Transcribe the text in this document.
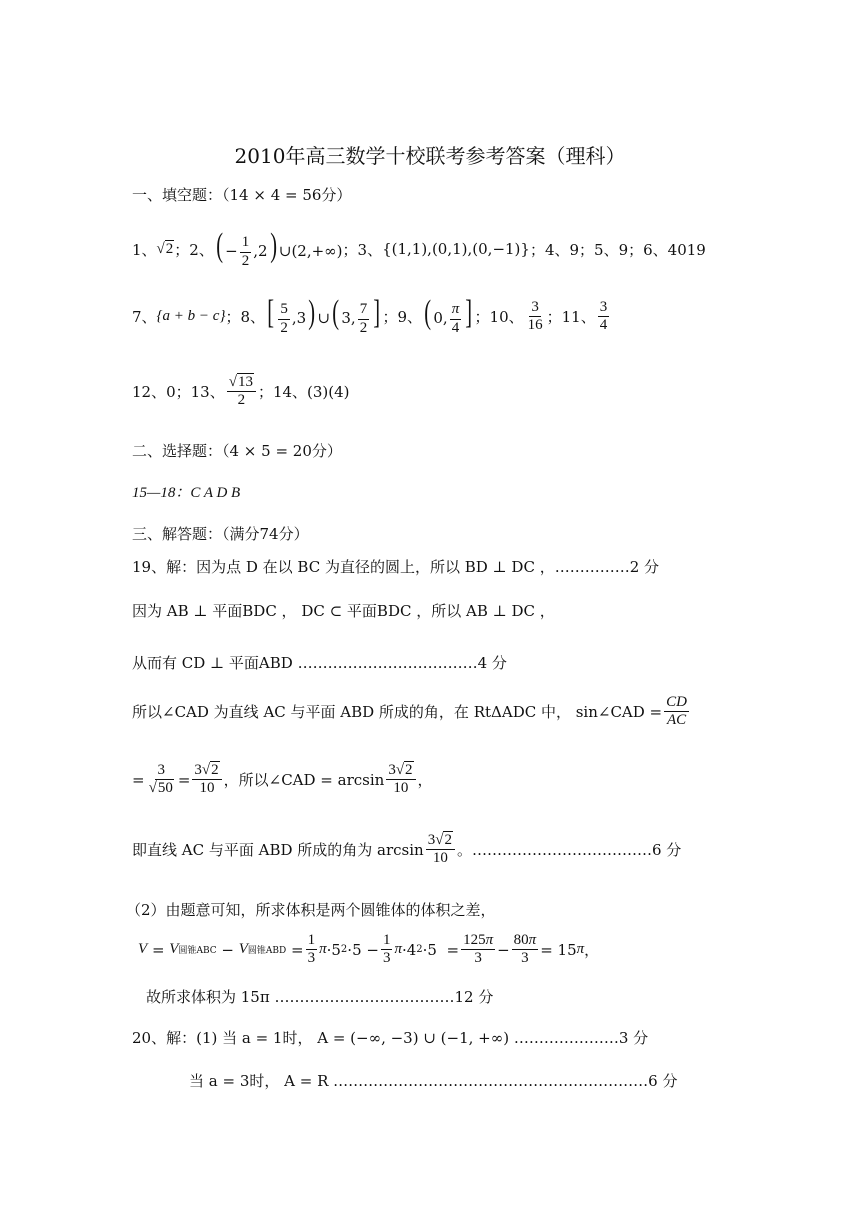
2010年高三数学十校联考参考答案（理科）
一、填空题：（14 × 4 = 56分）
1、 √2 ；2、 ( − $\frac{1}{2} ,2$) ∪(2,+∞) ；3、 {(1,1),(0,1),(0,−1)} ；4、9；5、9；6、4019
7、 {a + b − c} ；8、 [ $\frac{5}{2} ,3$) ∪( 3, $\frac{7}{2}$ ] ；9、 ( 0, $\frac{\pi}{4}$ ] ；10、 $\frac{3}{16}$ ；11、 $\frac{3}{4}$
12、0；13、 $\frac{√13}{2}$ ；14、(3)(4)
二、选择题：（4 × 5 = 20分）
15—18：C A D B
三、解答题：（满分74分）
19、解：因为点 D 在以 BC 为直径的圆上，所以 BD ⊥ DC ，……………2 分
因为 AB ⊥ 平面BDC ， DC ⊂ 平面BDC ，所以 AB ⊥ DC ，
从而有 CD ⊥ 平面ABD ………………………………4 分
所以∠CAD 为直线 AC 与平面 ABD 所成的角，在 RtΔADC 中， sin∠CAD = $\frac{CD}{AC}$
= $\frac{3}{√50} = \frac{3√2}{10}$ ，所以∠CAD = $\arcsin \frac{3√2}{10}$ ，
即直线 AC 与平面 ABD 所成的角为 $\arcsin \frac{3√2}{10}$ 。………………………………6 分
（2）由题意可知，所求体积是两个圆锥体的体积之差，
V = V 圆锥ABC − V 圆锥ABD = $\frac{1}{3}$ π ·5 $2 \cdot 5 - \frac{1}{3}$ π ·4 $2 \cdot 5 = \frac{125\pi}{3} - \frac{80\pi}{3} = 15$ π ，
故所求体积为 15π ………………………………12 分
20、解：(1) 当 a = 1时， A = (−∞, −3) ∪ (−1, +∞) …………………3 分
当 a = 3时， A = R ………………………………………………………6 分
